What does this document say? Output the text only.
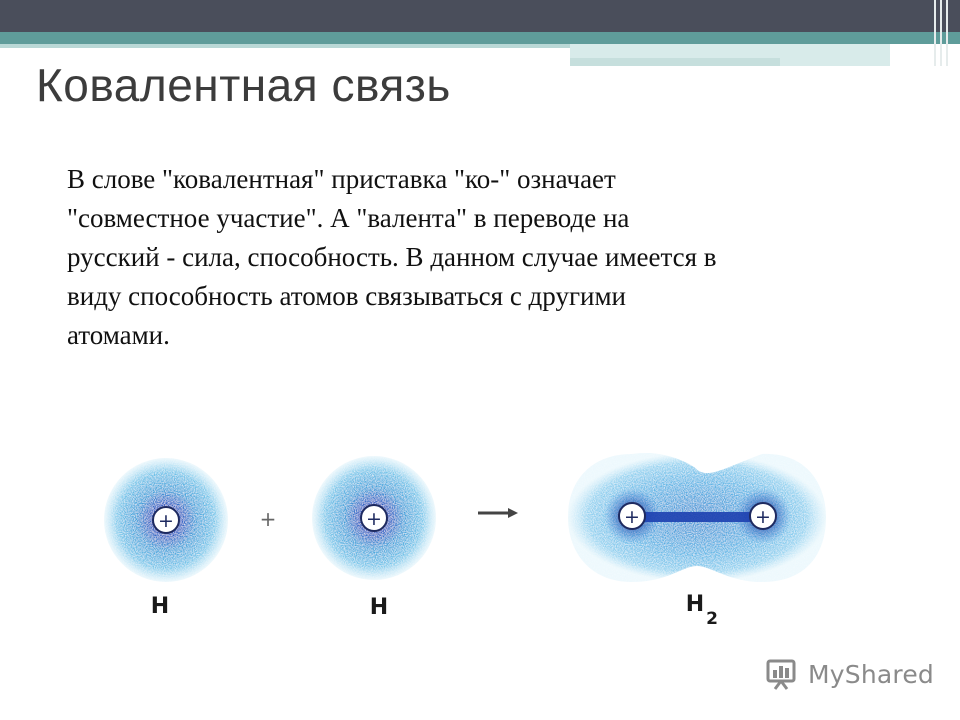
Ковалентная связь

В слове "ковалентная" приставка "ко-" означает
"совместное участие". А "валента" в переводе на
русский - сила, способность. В данном случае имеется в
виду способность атомов связываться с другими
атомами.

+	+	+	+	+
H	H	H
2
MyShared
